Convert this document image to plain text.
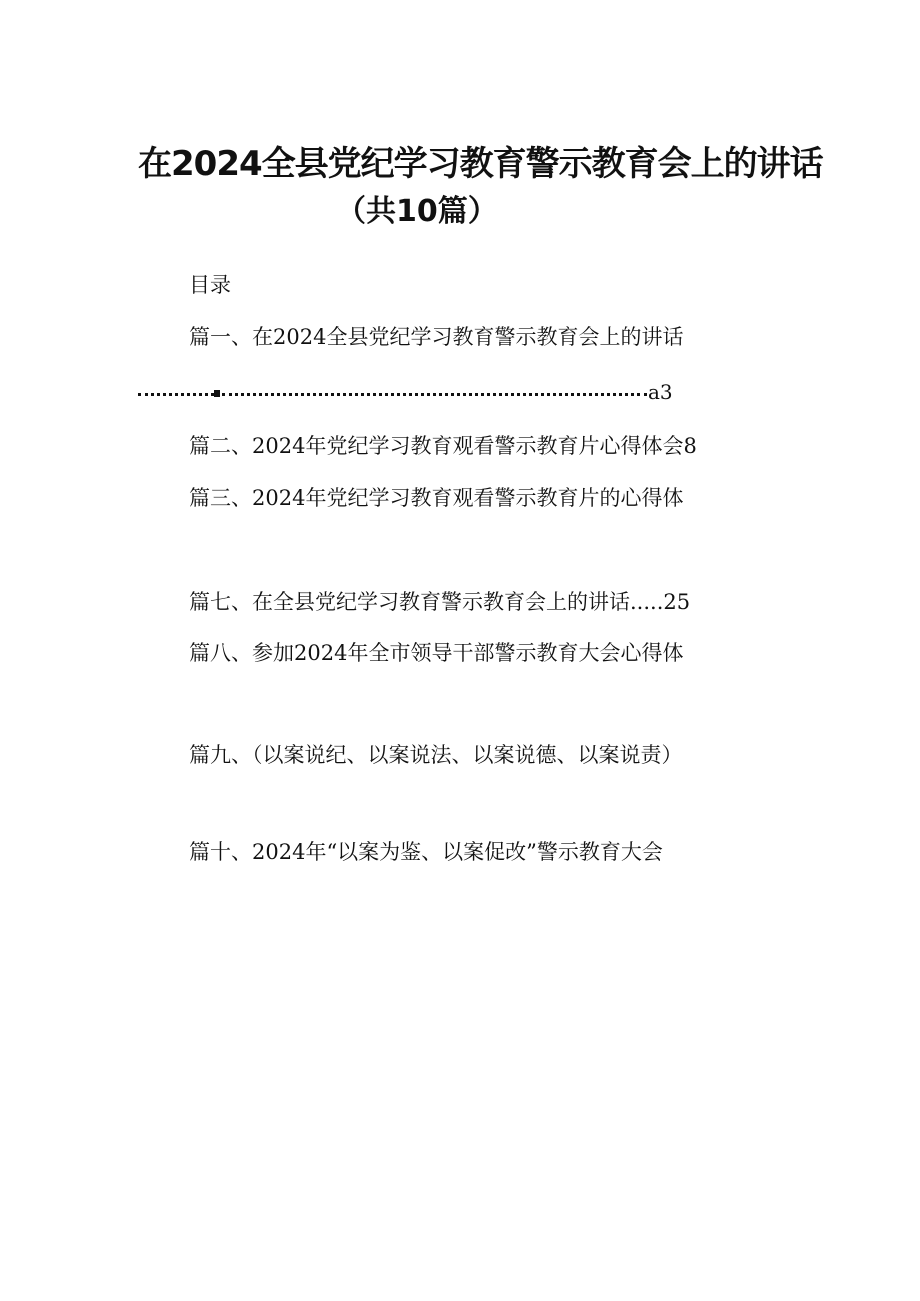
在2024全县党纪学习教育警示教育会上的讲话
（共10篇）
目录
篇一、在2024全县党纪学习教育警示教育会上的讲话
a3
篇二、2024年党纪学习教育观看警示教育片心得体会8
篇三、2024年党纪学习教育观看警示教育片的心得体
篇七、在全县党纪学习教育警示教育会上的讲话.....25
篇八、参加2024年全市领导干部警示教育大会心得体
篇九、（以案说纪、以案说法、以案说德、以案说责）
篇十、2024年“以案为鉴、以案促改”警示教育大会
